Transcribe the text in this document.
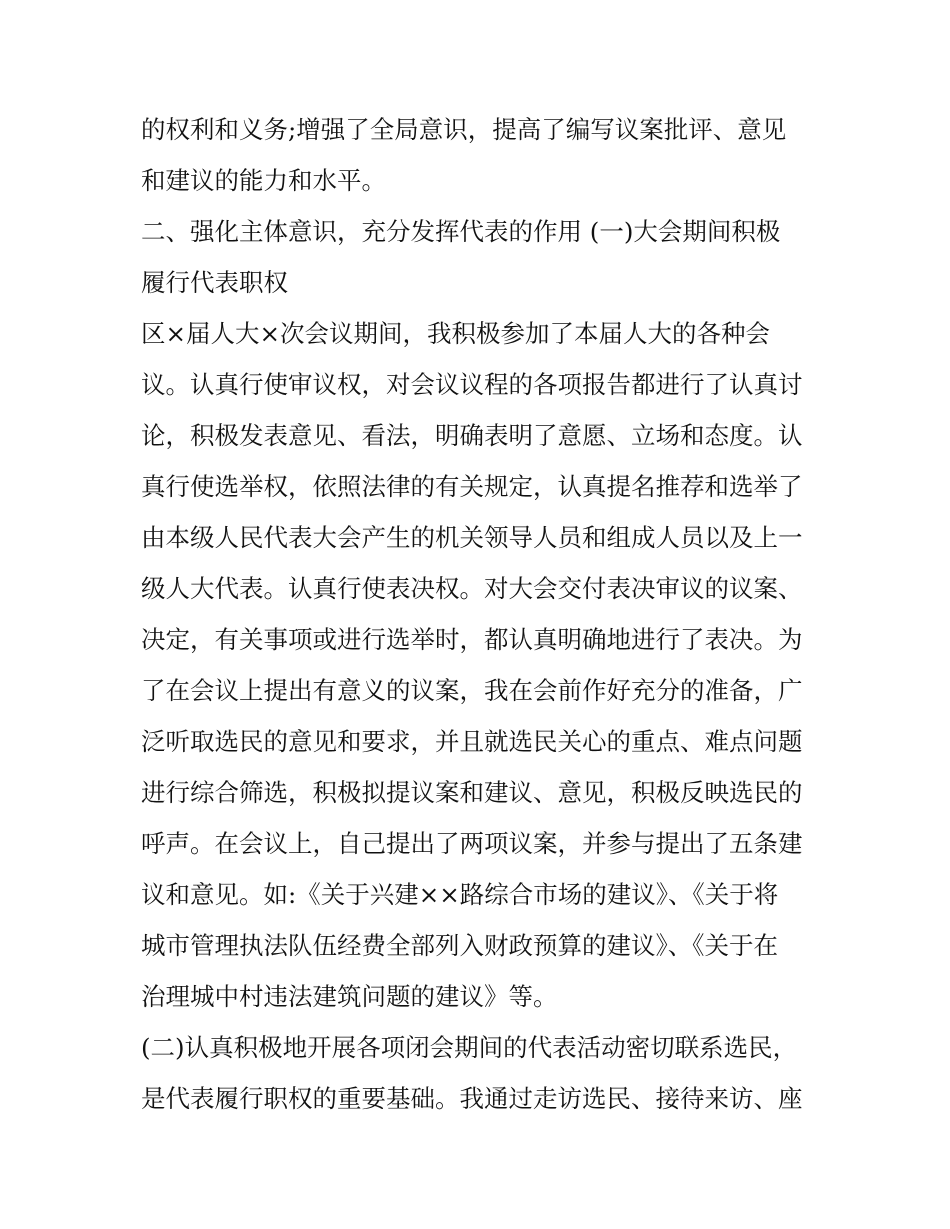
的权利和义务;增强了全局意识，提高了编写议案批评、意见
和建议的能力和水平。
二、强化主体意识，充分发挥代表的作用 (一)大会期间积极
履行代表职权
区×届人大×次会议期间，我积极参加了本届人大的各种会
议。认真行使审议权，对会议议程的各项报告都进行了认真讨
论，积极发表意见、看法，明确表明了意愿、立场和态度。认
真行使选举权，依照法律的有关规定，认真提名推荐和选举了
由本级人民代表大会产生的机关领导人员和组成人员以及上一
级人大代表。认真行使表决权。对大会交付表决审议的议案、
决定，有关事项或进行选举时，都认真明确地进行了表决。为
了在会议上提出有意义的议案，我在会前作好充分的准备，广
泛听取选民的意见和要求，并且就选民关心的重点、难点问题
进行综合筛选，积极拟提议案和建议、意见，积极反映选民的
呼声。在会议上，自己提出了两项议案，并参与提出了五条建
议和意见。如:《关于兴建××路综合市场的建议》、《关于将
城市管理执法队伍经费全部列入财政预算的建议》、《关于在
治理城中村违法建筑问题的建议》等。
(二)认真积极地开展各项闭会期间的代表活动密切联系选民，
是代表履行职权的重要基础。我通过走访选民、接待来访、座
